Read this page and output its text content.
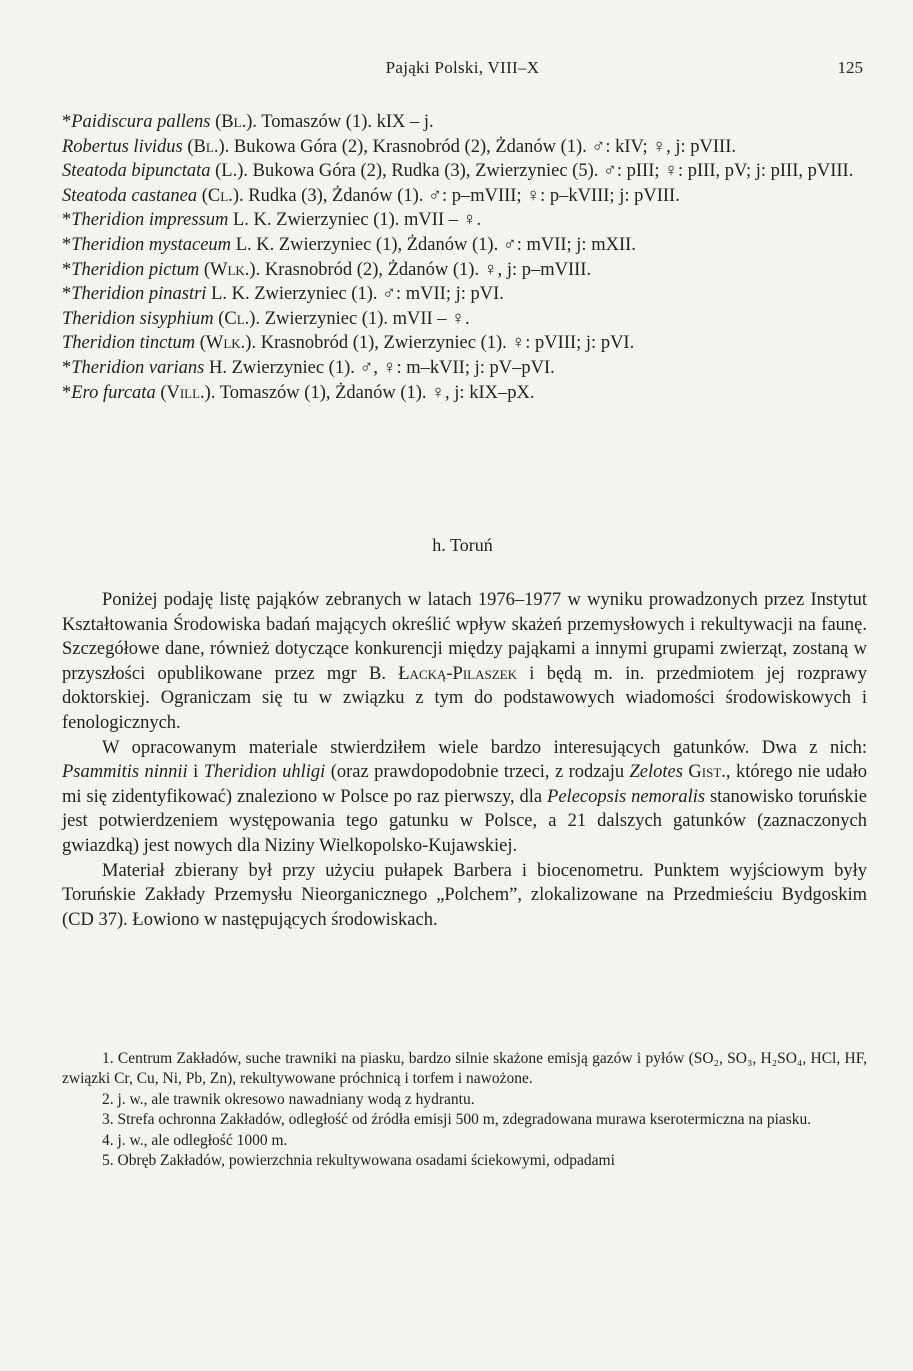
Pająki Polski, VIII–X	125

*Paidiscura pallens (Bl.). Tomaszów (1). kIX – j.

Robertus lividus (Bl.). Bukowa Góra (2), Krasnobród (2), Żdanów (1). ♂: kIV; ♀, j: pVIII.

Steatoda bipunctata (L.). Bukowa Góra (2), Rudka (3), Zwierzyniec (5). ♂: pIII; ♀: pIII, pV; j: pIII, pVIII.

Steatoda castanea (Cl.). Rudka (3), Żdanów (1). ♂: p–mVIII; ♀: p–kVIII; j: pVIII.

*Theridion impressum L. K. Zwierzyniec (1). mVII – ♀.

*Theridion mystaceum L. K. Zwierzyniec (1), Żdanów (1). ♂: mVII; j: mXII.

*Theridion pictum (Wlk.). Krasnobród (2), Żdanów (1). ♀, j: p–mVIII.

*Theridion pinastri L. K. Zwierzyniec (1). ♂: mVII; j: pVI.

Theridion sisyphium (Cl.). Zwierzyniec (1). mVII – ♀.

Theridion tinctum (Wlk.). Krasnobród (1), Zwierzyniec (1). ♀: pVIII; j: pVI.

*Theridion varians H. Zwierzyniec (1). ♂, ♀: m–kVII; j: pV–pVI.

*Ero furcata (Vill.). Tomaszów (1), Żdanów (1). ♀, j: kIX–pX.

h. Toruń

Poniżej podaję listę pająków zebranych w latach 1976–1977 w wyniku prowadzonych przez Instytut Kształtowania Środowiska badań mających określić wpływ skażeń przemysłowych i rekultywacji na faunę. Szczegółowe dane, również dotyczące konkurencji między pająkami a innymi grupami zwierząt, zostaną w przyszłości opublikowane przez mgr B. Łacką-Pilaszek i będą m. in. przedmiotem jej rozprawy doktorskiej. Ograniczam się tu w związku z tym do podstawowych wiadomości środowiskowych i fenologicznych.

W opracowanym materiale stwierdziłem wiele bardzo interesujących gatunków. Dwa z nich: Psammitis ninnii i Theridion uhligi (oraz prawdopodobnie trzeci, z rodzaju Zelotes Gist., którego nie udało mi się zidentyfikować) znaleziono w Polsce po raz pierwszy, dla Pelecopsis nemoralis stanowisko toruńskie jest potwierdzeniem występowania tego gatunku w Polsce, a 21 dalszych gatunków (zaznaczonych gwiazdką) jest nowych dla Niziny Wielkopolsko-Kujawskiej.

Materiał zbierany był przy użyciu pułapek Barbera i biocenometru. Punktem wyjściowym były Toruńskie Zakłady Przemysłu Nieorganicznego „Polchem”, zlokalizowane na Przedmieściu Bydgoskim (CD 37). Łowiono w następujących środowiskach.

1. Centrum Zakładów, suche trawniki na piasku, bardzo silnie skażone emisją gazów i pyłów (SO₂, SO₃, H₂SO₄, HCl, HF, związki Cr, Cu, Ni, Pb, Zn), rekultywowane próchnicą i torfem i nawożone.

2. j. w., ale trawnik okresowo nawadniany wodą z hydrantu.

3. Strefa ochronna Zakładów, odległość od źródła emisji 500 m, zdegradowana murawa kserotermiczna na piasku.

4. j. w., ale odległość 1000 m.

5. Obręb Zakładów, powierzchnia rekultywowana osadami ściekowymi, odpadami
